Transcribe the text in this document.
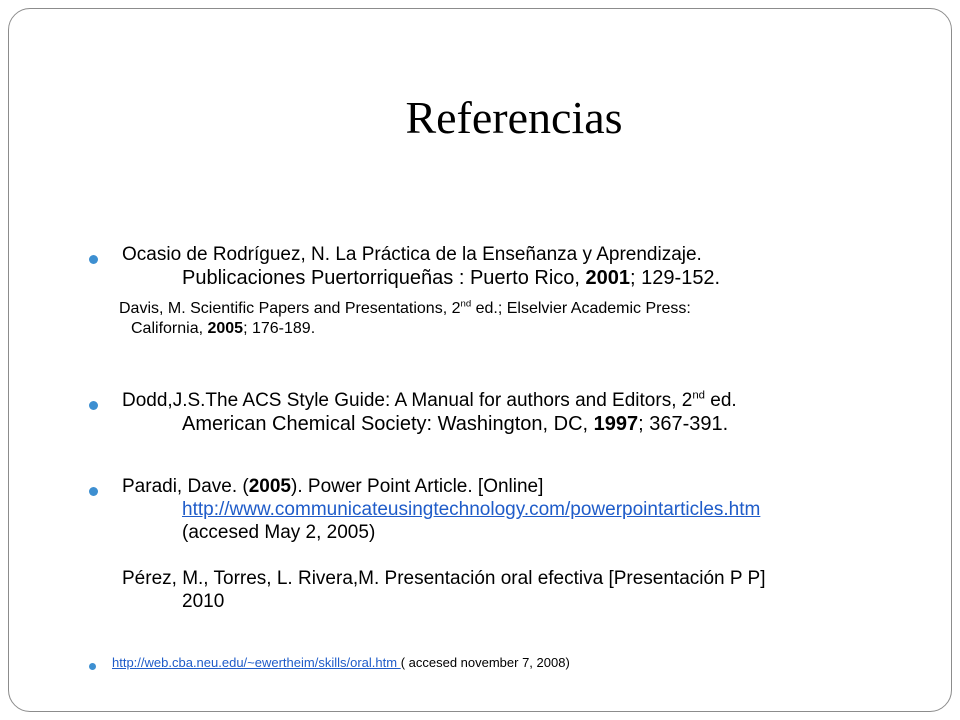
Referencias
Ocasio de Rodríguez, N. La Práctica de la Enseñanza y Aprendizaje.
Publicaciones Puertorriqueñas : Puerto Rico, 2001; 129-152.
Davis, M. Scientific Papers and Presentations, 2nd ed.; Elselvier Academic Press:
California, 2005; 176-189.
Dodd,J.S.The ACS Style Guide: A Manual for authors and Editors, 2nd ed.
American Chemical Society: Washington, DC, 1997; 367-391.
Paradi, Dave. (2005). Power Point Article. [Online]
http://www.communicateusingtechnology.com/powerpointarticles.htm
(accesed May 2, 2005)
Pérez, M., Torres, L. Rivera,M. Presentación oral efectiva [Presentación P P]
2010
http://web.cba.neu.edu/~ewertheim/skills/oral.htm ( accesed november 7, 2008)
